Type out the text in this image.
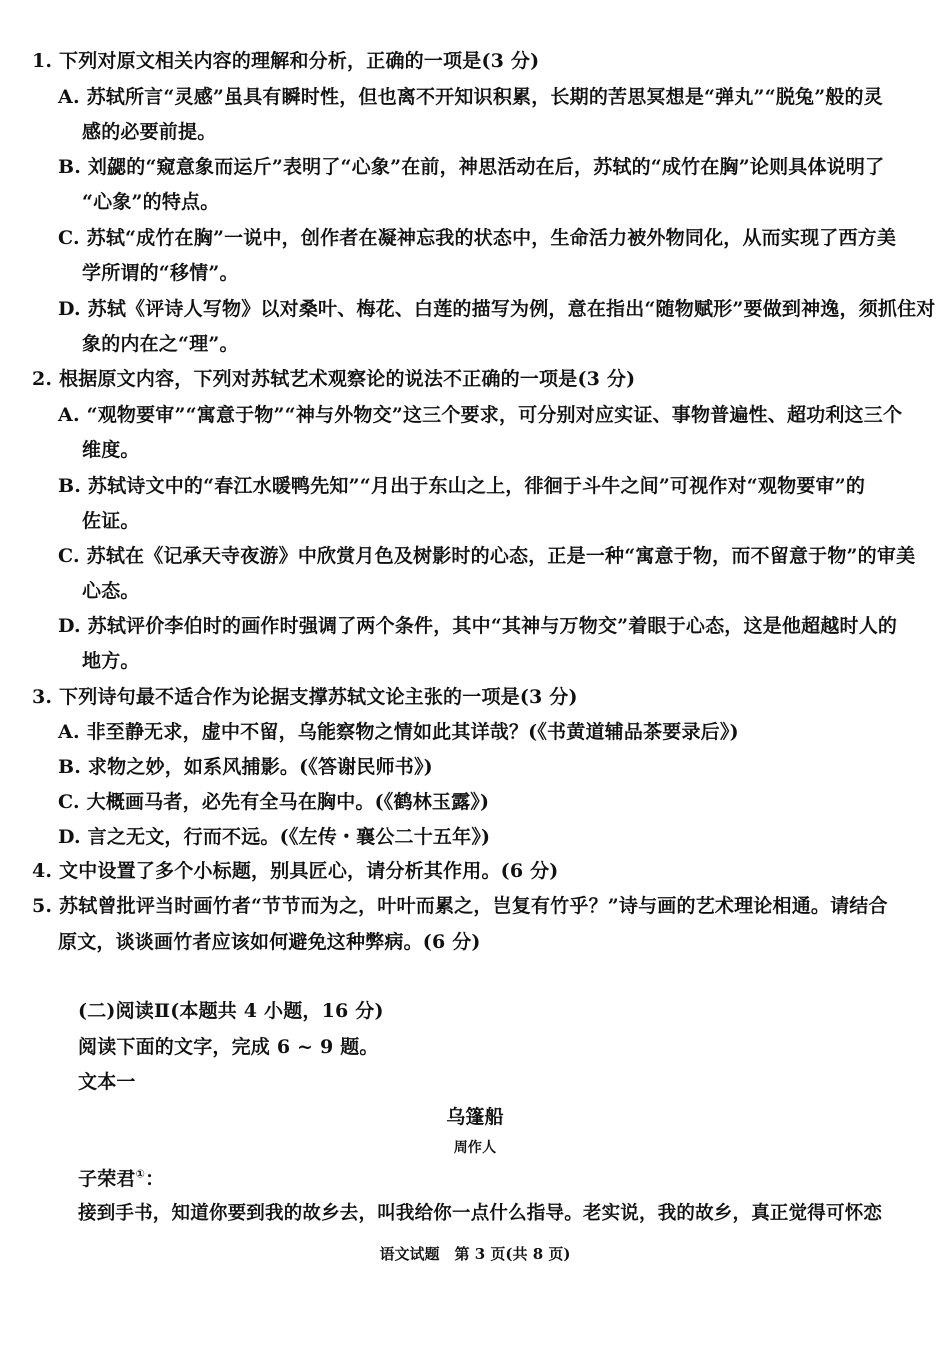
1. 下列对原文相关内容的理解和分析，正确的一项是(3 分)
A. 苏轼所言“灵感”虽具有瞬时性，但也离不开知识积累，长期的苦思冥想是“弹丸”“脱兔”般的灵
感的必要前提。
B. 刘勰的“窥意象而运斤”表明了“心象”在前，神思活动在后，苏轼的“成竹在胸”论则具体说明了
“心象”的特点。
C. 苏轼“成竹在胸”一说中，创作者在凝神忘我的状态中，生命活力被外物同化，从而实现了西方美
学所谓的“移情”。
D. 苏轼《评诗人写物》以对桑叶、梅花、白莲的描写为例，意在指出“随物赋形”要做到神逸，须抓住对
象的内在之“理”。
2. 根据原文内容，下列对苏轼艺术观察论的说法不正确的一项是(3 分)
A. “观物要审”“寓意于物”“神与外物交”这三个要求，可分别对应实证、事物普遍性、超功利这三个
维度。
B. 苏轼诗文中的“春江水暖鸭先知”“月出于东山之上，徘徊于斗牛之间”可视作对“观物要审”的
佐证。
C. 苏轼在《记承天寺夜游》中欣赏月色及树影时的心态，正是一种“寓意于物，而不留意于物”的审美
心态。
D. 苏轼评价李伯时的画作时强调了两个条件，其中“其神与万物交”着眼于心态，这是他超越时人的
地方。
3. 下列诗句最不适合作为论据支撑苏轼文论主张的一项是(3 分)
A. 非至静无求，虚中不留，乌能察物之情如此其详哉？(《书黄道辅品茶要录后》)
B. 求物之妙，如系风捕影。(《答谢民师书》)
C. 大概画马者，必先有全马在胸中。(《鹤林玉露》)
D. 言之无文，行而不远。(《左传・襄公二十五年》)
4. 文中设置了多个小标题，别具匠心，请分析其作用。(6 分)
5. 苏轼曾批评当时画竹者“节节而为之，叶叶而累之，岂复有竹乎？”诗与画的艺术理论相通。请结合
原文，谈谈画竹者应该如何避免这种弊病。(6 分)
(二)阅读Ⅱ(本题共 4 小题，16 分)
阅读下面的文字，完成 6 ~ 9 题。
文本一
乌篷船
周作人
子荣君①：
接到手书，知道你要到我的故乡去，叫我给你一点什么指导。老实说，我的故乡，真正觉得可怀恋
语文试题　第 3 页(共 8 页)
